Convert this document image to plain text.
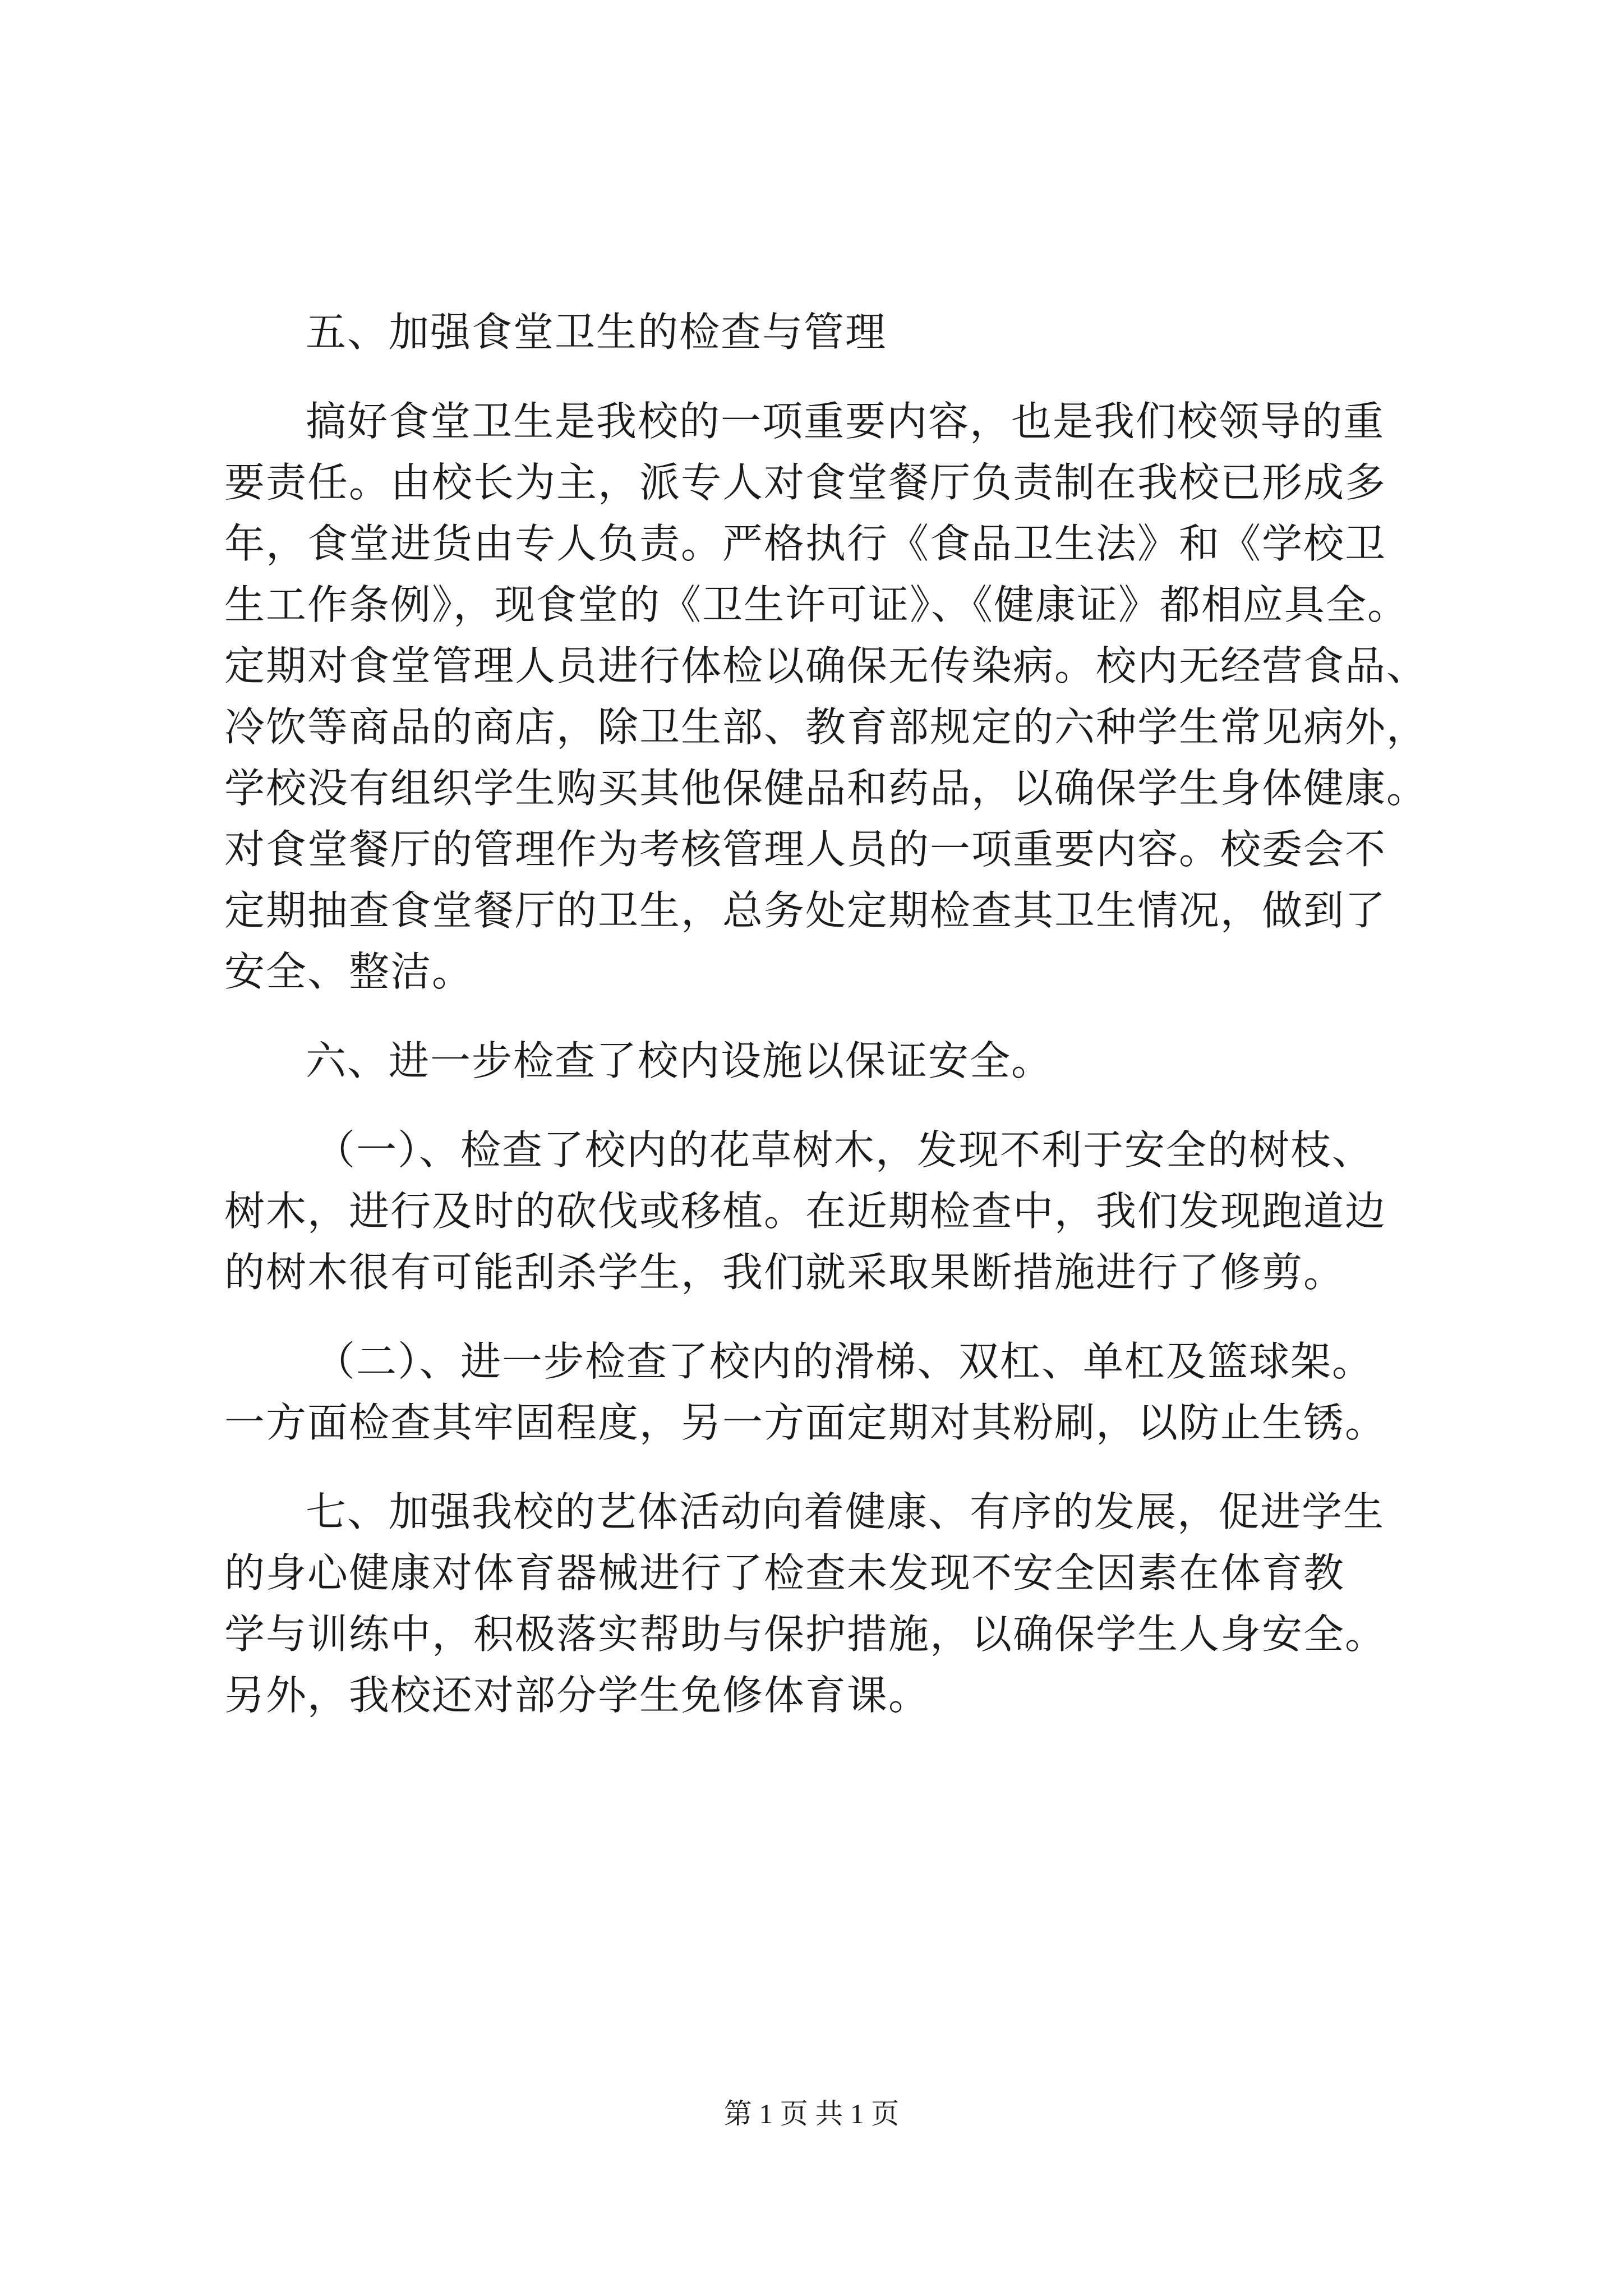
五、加强食堂卫生的检查与管理

搞好食堂卫生是我校的一项重要内容，也是我们校领导的重
要责任。由校长为主，派专人对食堂餐厅负责制在我校已形成多
年，食堂进货由专人负责。严格执行《食品卫生法》和《学校卫
生工作条例》，现食堂的《卫生许可证》、《健康证》都相应具全。
定期对食堂管理人员进行体检以确保无传染病。校内无经营食品、
冷饮等商品的商店，除卫生部、教育部规定的六种学生常见病外，
学校没有组织学生购买其他保健品和药品，以确保学生身体健康。
对食堂餐厅的管理作为考核管理人员的一项重要内容。校委会不
定期抽查食堂餐厅的卫生，总务处定期检查其卫生情况，做到了
安全、整洁。

六、进一步检查了校内设施以保证安全。

（一）、检查了校内的花草树木，发现不利于安全的树枝、
树木，进行及时的砍伐或移植。在近期检查中，我们发现跑道边
的树木很有可能刮杀学生，我们就采取果断措施进行了修剪。

（二）、进一步检查了校内的滑梯、双杠、单杠及篮球架。
一方面检查其牢固程度，另一方面定期对其粉刷，以防止生锈。

七、加强我校的艺体活动向着健康、有序的发展，促进学生
的身心健康对体育器械进行了检查未发现不安全因素在体育教
学与训练中，积极落实帮助与保护措施，以确保学生人身安全。
另外，我校还对部分学生免修体育课。

第 1 页 共 1 页
